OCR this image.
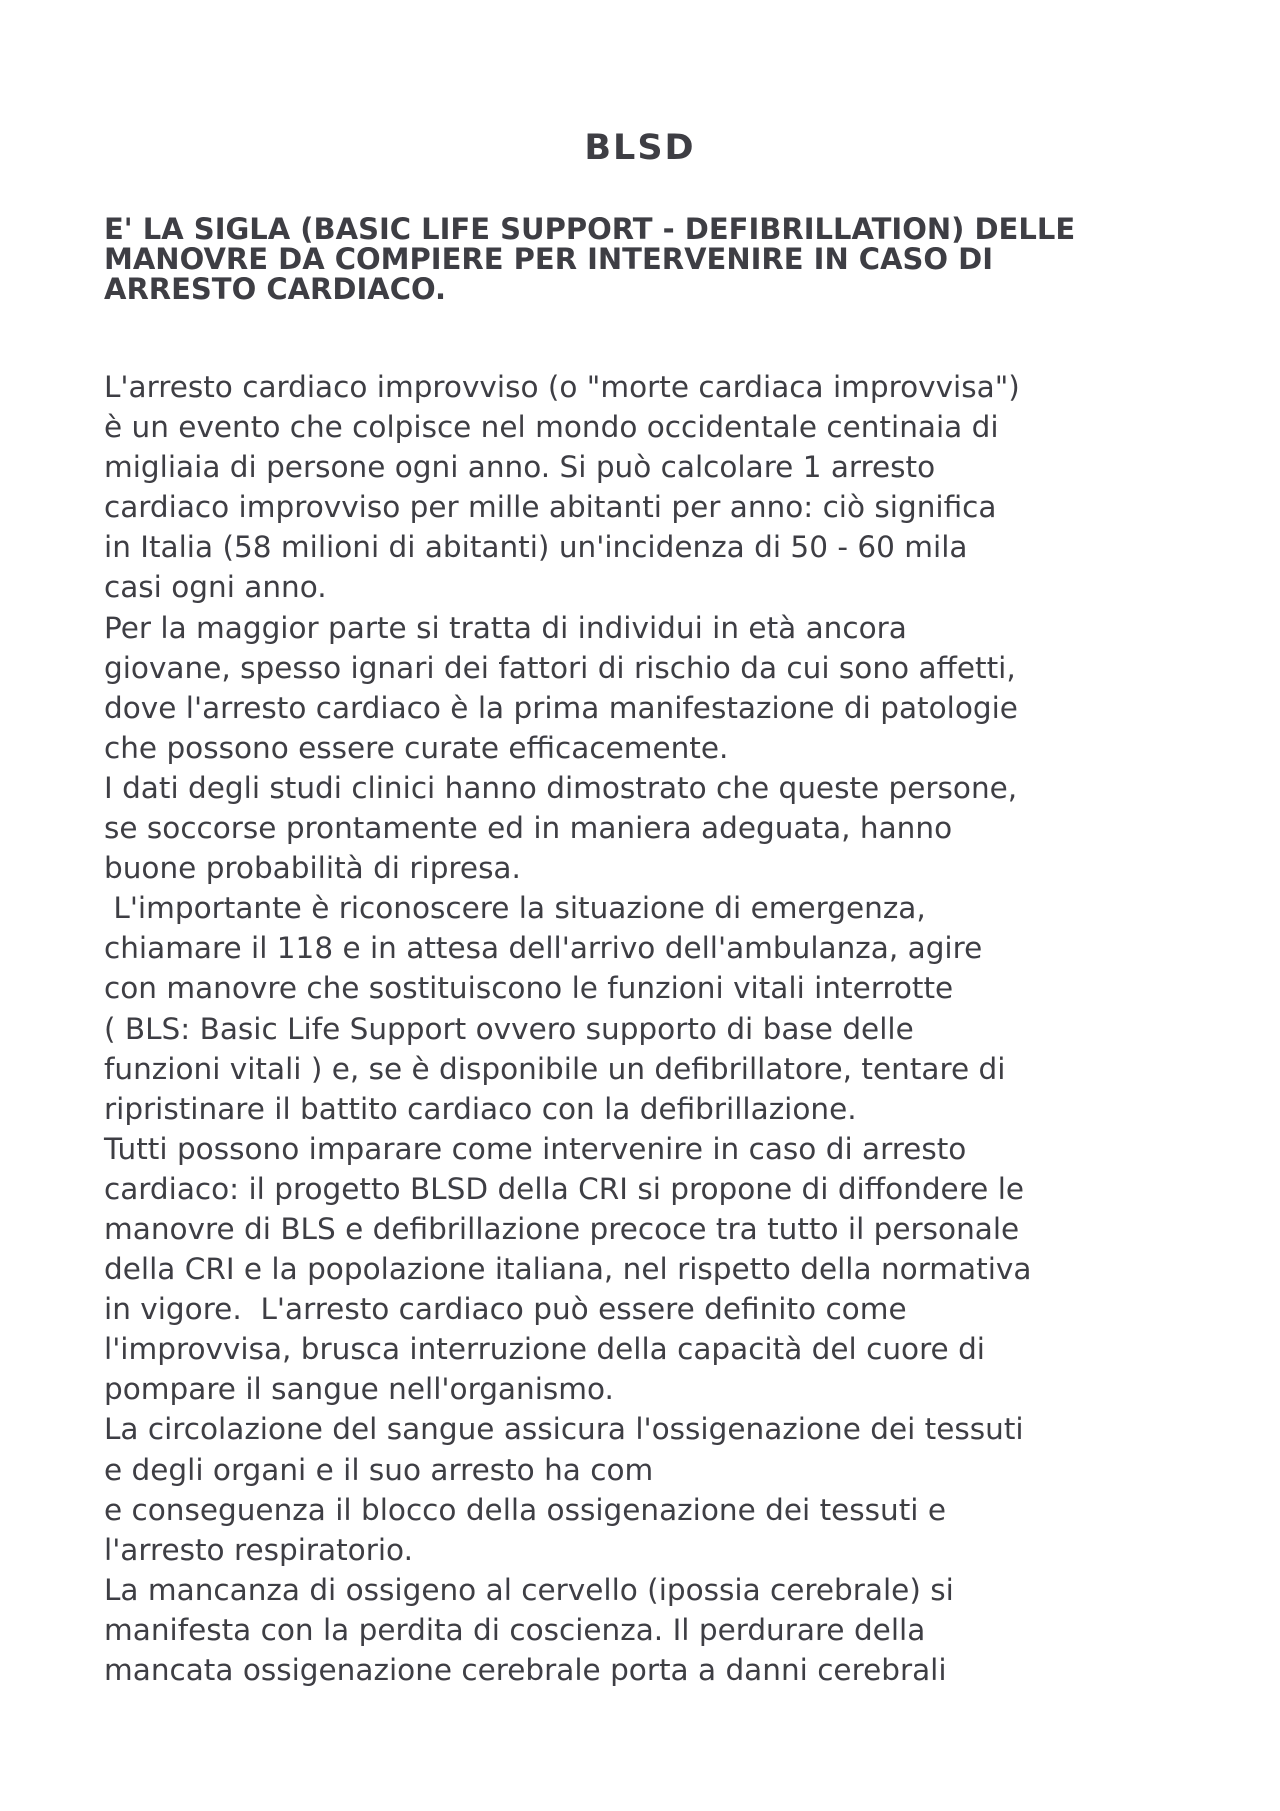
BLSD
E' LA SIGLA (BASIC LIFE SUPPORT - DEFIBRILLATION) DELLE
MANOVRE DA COMPIERE PER INTERVENIRE IN CASO DI
ARRESTO CARDIACO.
L'arresto cardiaco improvviso (o "morte cardiaca improvvisa")
è un evento che colpisce nel mondo occidentale centinaia di
migliaia di persone ogni anno. Si può calcolare 1 arresto
cardiaco improvviso per mille abitanti per anno: ciò significa
in Italia (58 milioni di abitanti) un'incidenza di 50 - 60 mila
casi ogni anno.
Per la maggior parte si tratta di individui in età ancora
giovane, spesso ignari dei fattori di rischio da cui sono affetti,
dove l'arresto cardiaco è la prima manifestazione di patologie
che possono essere curate efficacemente.
I dati degli studi clinici hanno dimostrato che queste persone,
se soccorse prontamente ed in maniera adeguata, hanno
buone probabilità di ripresa.
L'importante è riconoscere la situazione di emergenza,
chiamare il 118 e in attesa dell'arrivo dell'ambulanza, agire
con manovre che sostituiscono le funzioni vitali interrotte
( BLS: Basic Life Support ovvero supporto di base delle
funzioni vitali ) e, se è disponibile un defibrillatore, tentare di
ripristinare il battito cardiaco con la defibrillazione.
Tutti possono imparare come intervenire in caso di arresto
cardiaco: il progetto BLSD della CRI si propone di diffondere le
manovre di BLS e defibrillazione precoce tra tutto il personale
della CRI e la popolazione italiana, nel rispetto della normativa
in vigore.  L'arresto cardiaco può essere definito come
l'improvvisa, brusca interruzione della capacità del cuore di
pompare il sangue nell'organismo.
La circolazione del sangue assicura l'ossigenazione dei tessuti
e degli organi e il suo arresto ha com
e conseguenza il blocco della ossigenazione dei tessuti e
l'arresto respiratorio.
La mancanza di ossigeno al cervello (ipossia cerebrale) si
manifesta con la perdita di coscienza. Il perdurare della
mancata ossigenazione cerebrale porta a danni cerebrali
